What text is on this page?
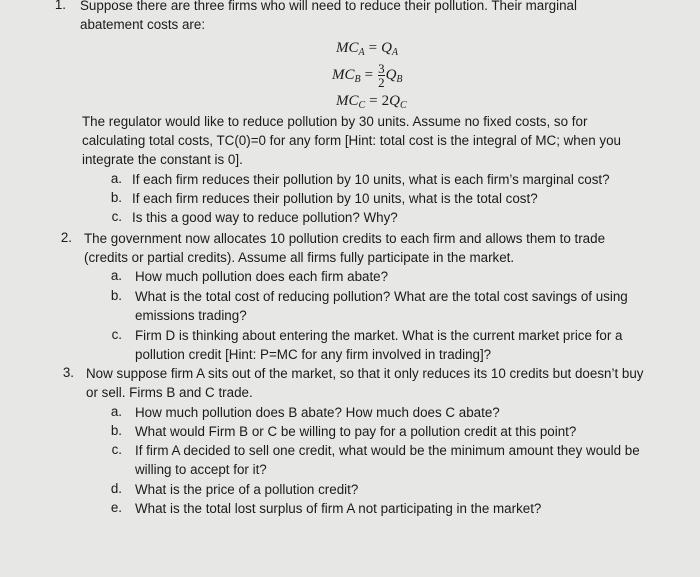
1. Suppose there are three firms who will need to reduce their pollution. Their marginal
abatement costs are:
$MC_A = Q_A$
$MC_B = \frac{3}{2} Q_B$
$MC_C = 2Q_C$
The regulator would like to reduce pollution by 30 units. Assume no fixed costs, so for
calculating total costs, TC(0)=0 for any form [Hint: total cost is the integral of MC; when you
integrate the constant is 0].
a. If each firm reduces their pollution by 10 units, what is each firm’s marginal cost?
b. If each firm reduces their pollution by 10 units, what is the total cost?
c. Is this a good way to reduce pollution? Why?
2. The government now allocates 10 pollution credits to each firm and allows them to trade
(credits or partial credits). Assume all firms fully participate in the market.
a. How much pollution does each firm abate?
b. What is the total cost of reducing pollution? What are the total cost savings of using
emissions trading?
c. Firm D is thinking about entering the market. What is the current market price for a
pollution credit [Hint: P=MC for any firm involved in trading]?
3. Now suppose firm A sits out of the market, so that it only reduces its 10 credits but doesn’t buy
or sell. Firms B and C trade.
a. How much pollution does B abate? How much does C abate?
b. What would Firm B or C be willing to pay for a pollution credit at this point?
c. If firm A decided to sell one credit, what would be the minimum amount they would be
willing to accept for it?
d. What is the price of a pollution credit?
e. What is the total lost surplus of firm A not participating in the market?
